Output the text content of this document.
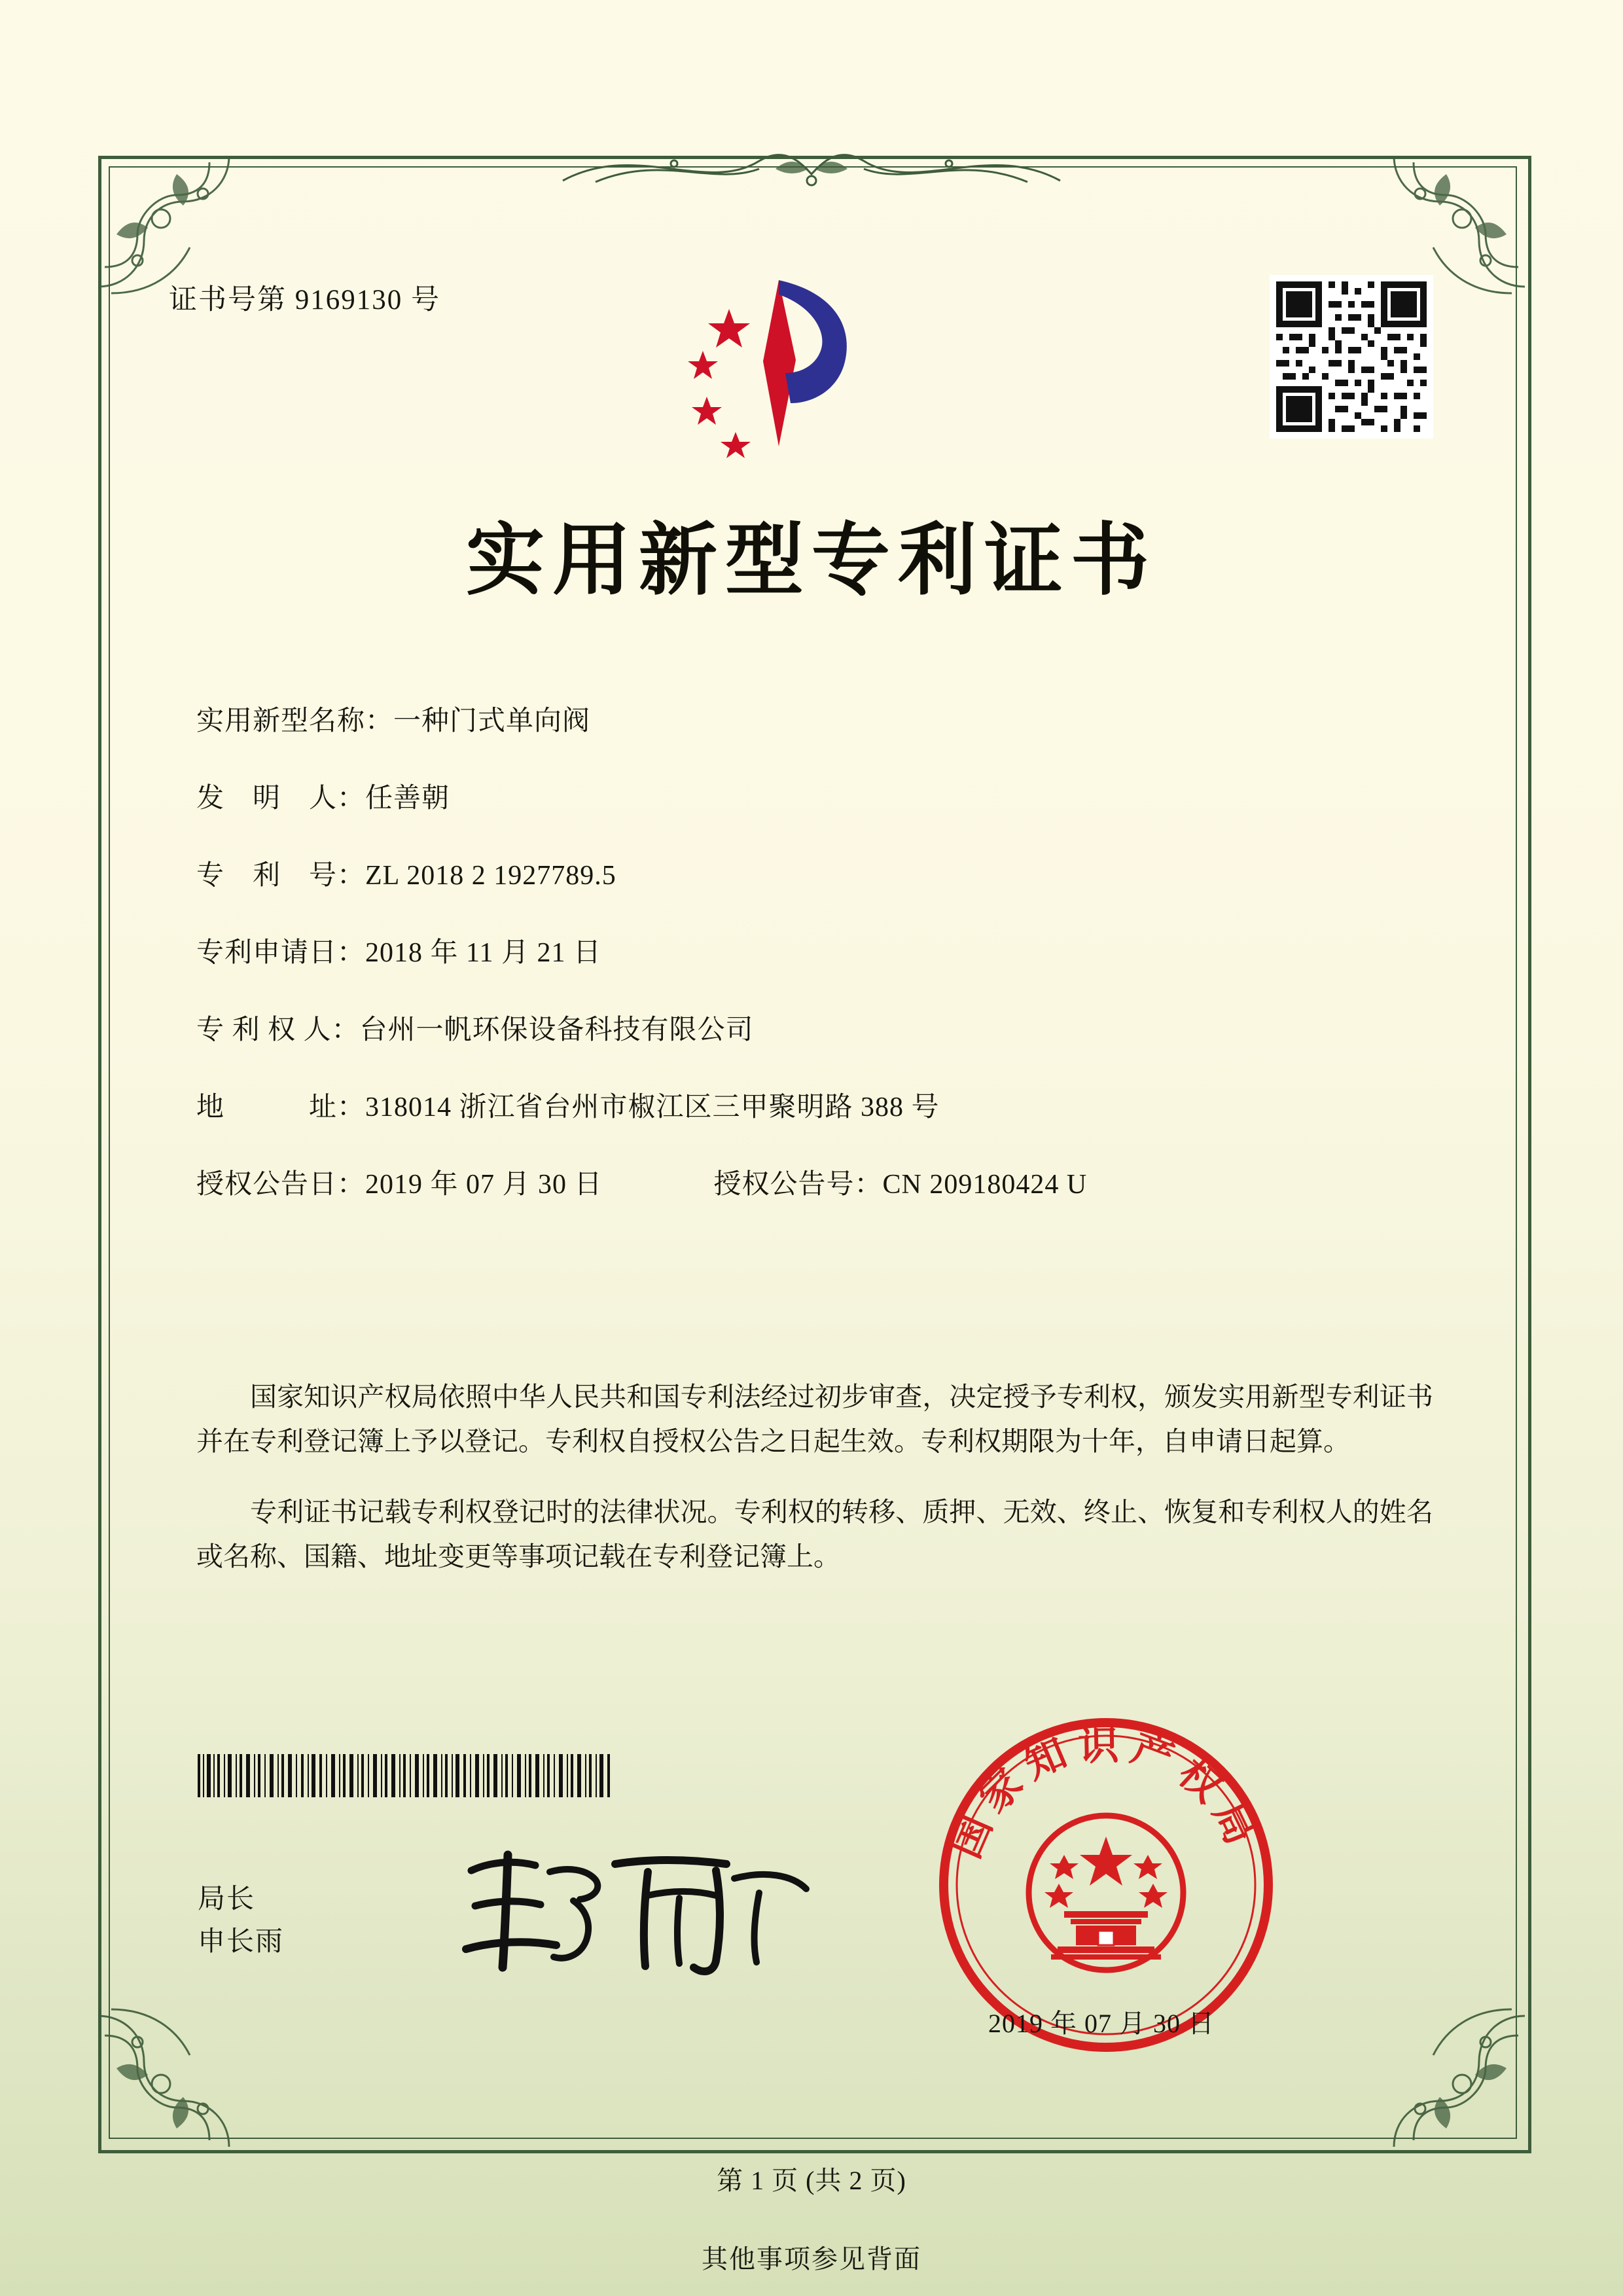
证书号第 9169130 号
实用新型专利证书
实用新型名称： 一种门式单向阀
发　明　人： 任善朝
专　利　号： ZL 2018 2 1927789.5
专利申请日： 2018 年 11 月 21 日
专 利 权 人： 台州一帆环保设备科技有限公司
地　　　址： 318014 浙江省台州市椒江区三甲聚明路 388 号
授权公告日： 2019 年 07 月 30 日	授权公告号： CN 209180424 U

国家知识产权局依照中华人民共和国专利法经过初步审查，决定授予专利权，颁发实用新型专利证书并在专利登记簿上予以登记。专利权自授权公告之日起生效。专利权期限为十年，自申请日起算。

专利证书记载专利权登记时的法律状况。专利权的转移、质押、无效、终止、恢复和专利权人的姓名或名称、国籍、地址变更等事项记载在专利登记簿上。

局长
申长雨
国家知识产权局
2019 年 07 月 30 日
第 1 页 (共 2 页)
其他事项参见背面
